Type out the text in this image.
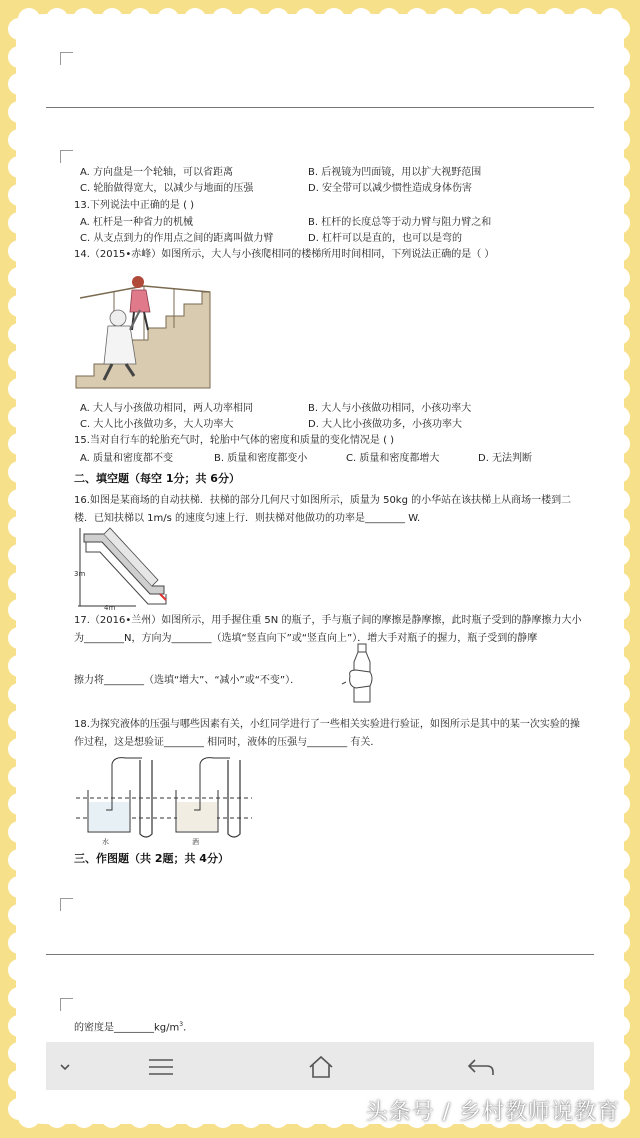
A. 方向盘是一个轮轴，可以省距离	B. 后视镜为凹面镜，用以扩大视野范围
C. 轮胎做得宽大，以减少与地面的压强	D. 安全带可以减少惯性造成身体伤害
13.下列说法中正确的是 ( )
A. 杠杆是一种省力的机械	B. 杠杆的长度总等于动力臂与阻力臂之和
C. 从支点到力的作用点之间的距离叫做力臂	D. 杠杆可以是直的，也可以是弯的
14.（2015•赤峰）如图所示，大人与小孩爬相同的楼梯所用时间相同，下列说法正确的是（ ）
A. 大人与小孩做功相同，两人功率相同	B. 大人与小孩做功相同，小孩功率大
C. 大人比小孩做功多，大人功率大	D. 大人比小孩做功多，小孩功率大
15.当对自行车的轮胎充气时，轮胎中气体的密度和质量的变化情况是 ( )
A. 质量和密度都不变	B. 质量和密度都变小	C. 质量和密度都增大	D. 无法判断
二、填空题（每空 1分；共 6分）
16.如图是某商场的自动扶梯．扶梯的部分几何尺寸如图所示，质量为 50kg 的小华站在该扶梯上从商场一楼到二
楼．已知扶梯以 1m/s 的速度匀速上行．则扶梯对他做功的功率是________ W.
3m
4m
17.（2016•兰州）如图所示，用手握住重 5N 的瓶子，手与瓶子间的摩擦是静摩擦，此时瓶子受到的静摩擦力大小
为________N，方向为________（选填“竖直向下”或“竖直向上”）．增大手对瓶子的握力，瓶子受到的静摩
擦力将________（选填“增大”、“减小”或“不变”）．
18.为探究液体的压强与哪些因素有关，小红同学进行了一些相关实验进行验证，如图所示是其中的某一次实验的操
作过程，这是想验证________ 相同时，液体的压强与________ 有关．
水	酒
三、作图题（共 2题；共 4分）
的密度是$\_\_\_\_\_\_\_\_kg/m^3$．
头条号 / 乡村教师说教育
